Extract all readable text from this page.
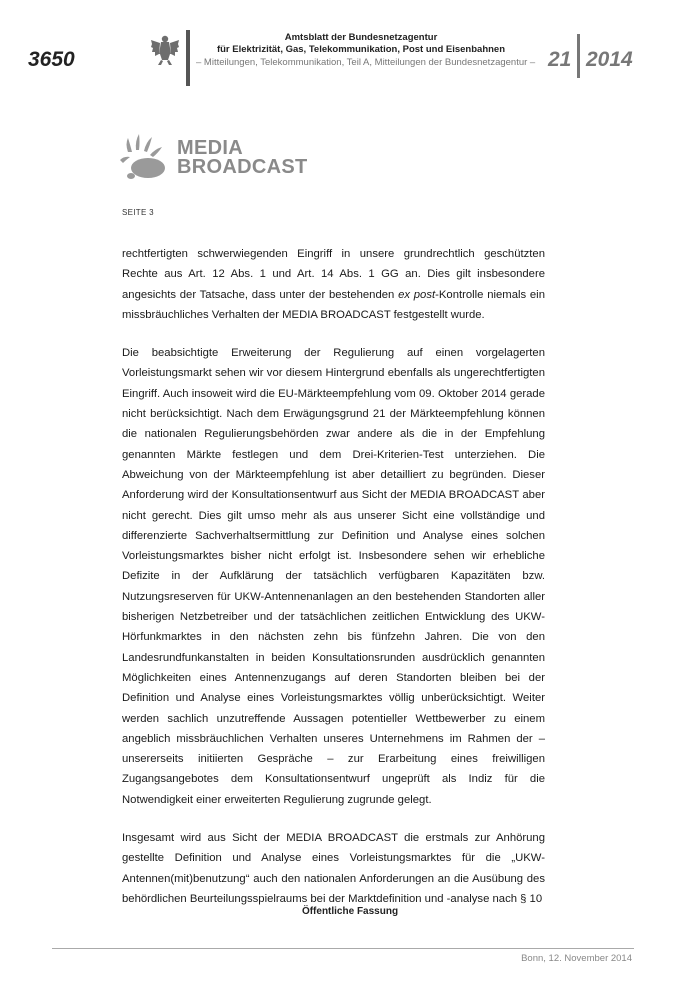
3650
Amtsblatt der Bundesnetzagentur
für Elektrizität, Gas, Telekommunikation, Post und Eisenbahnen
– Mitteilungen, Telekommunikation, Teil A, Mitteilungen der Bundesnetzagentur – 21 2014
MEDIA
BROADCAST
SEITE 3

rechtfertigten schwerwiegenden Eingriff in unsere grundrechtlich geschützten Rechte aus Art. 12 Abs. 1 und Art. 14 Abs. 1 GG an. Dies gilt insbesondere angesichts der Tatsache, dass unter der bestehenden ex post-Kontrolle niemals ein missbräuchliches Verhalten der MEDIA BROADCAST festgestellt wurde.

Die beabsichtigte Erweiterung der Regulierung auf einen vorgelagerten Vorleistungsmarkt sehen wir vor diesem Hintergrund ebenfalls als ungerechtfertigten Eingriff. Auch insoweit wird die EU-Märkteempfehlung vom 09. Oktober 2014 gerade nicht berücksichtigt. Nach dem Erwägungsgrund 21 der Märkteempfehlung können die nationalen Regulierungsbehörden zwar andere als die in der Empfehlung genannten Märkte festlegen und dem Drei-Kriterien-Test unterziehen. Die Abweichung von der Märkteempfehlung ist aber detailliert zu begründen. Dieser Anforderung wird der Konsultationsentwurf aus Sicht der MEDIA BROADCAST aber nicht gerecht. Dies gilt umso mehr als aus unserer Sicht eine vollständige und differenzierte Sachverhaltsermittlung zur Definition und Analyse eines solchen Vorleistungsmarktes bisher nicht erfolgt ist. Insbesondere sehen wir erhebliche Defizite in der Aufklärung der tatsächlich verfügbaren Kapazitäten bzw. Nutzungsreserven für UKW-Antennenanlagen an den bestehenden Standorten aller bisherigen Netzbetreiber und der tatsächlichen zeitlichen Entwicklung des UKW-Hörfunkmarktes in den nächsten zehn bis fünfzehn Jahren. Die von den Landesrundfunkanstalten in beiden Konsultationsrunden ausdrücklich genannten Möglichkeiten eines Antennenzugangs auf deren Standorten bleiben bei der Definition und Analyse eines Vorleistungsmarktes völlig unberücksichtigt. Weiter werden sachlich unzutreffende Aussagen potentieller Wettbewerber zu einem angeblich missbräuchlichen Verhalten unseres Unternehmens im Rahmen der – unsererseits initiierten Gespräche – zur Erarbeitung eines freiwilligen Zugangsangebotes dem Konsultationsentwurf ungeprüft als Indiz für die Notwendigkeit einer erweiterten Regulierung zugrunde gelegt.

Insgesamt wird aus Sicht der MEDIA BROADCAST die erstmals zur Anhörung gestellte Definition und Analyse eines Vorleistungsmarktes für die „UKW-Antennen(mit)benutzung“ auch den nationalen Anforderungen an die Ausübung des behördlichen Beurteilungsspielraums bei der Marktdefinition und -analyse nach § 10

Öffentliche Fassung
Bonn, 12. November 2014
